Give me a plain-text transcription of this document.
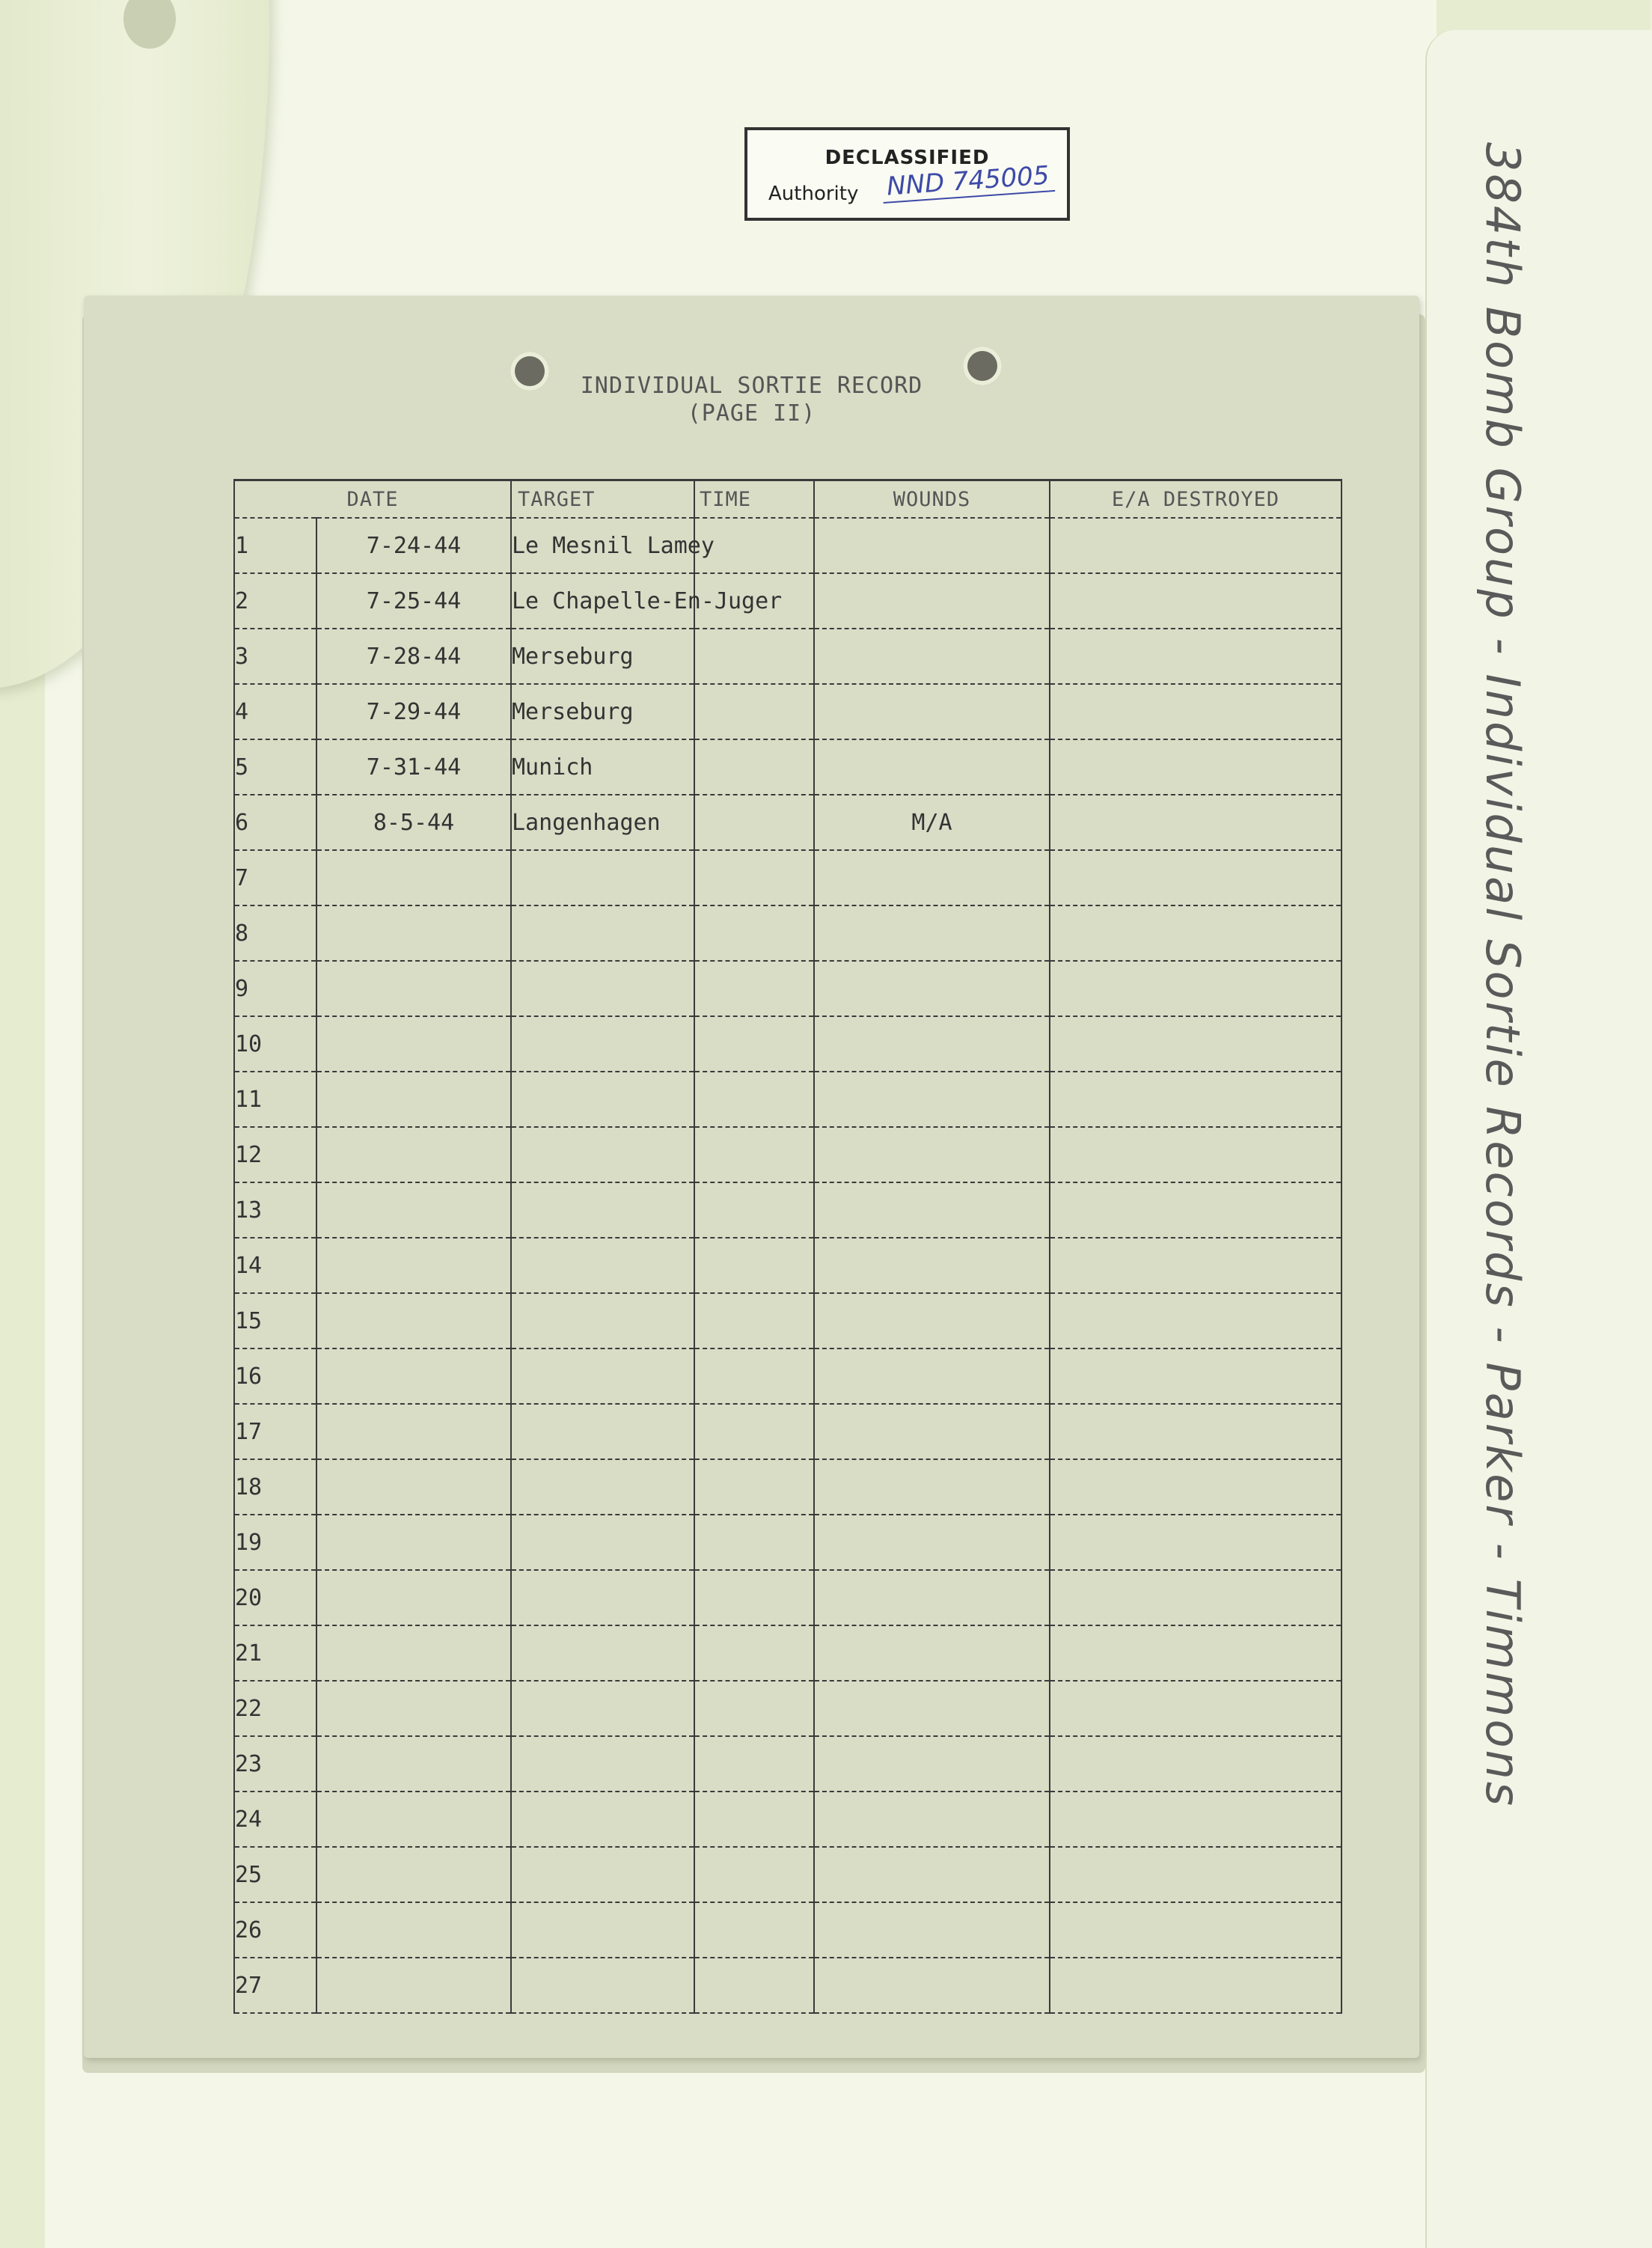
DECLASSIFIED
Authority NND 745005	384th Bomb Group - Individual Sortie Records - Parker - Timmons
INDIVIDUAL SORTIE RECORD
(PAGE II)
DATE		TARGET	TIME	WOUNDS	E/A DESTROYED
1	7-24-44	Le Mesnil Lamey			
2	7-25-44	Le Chapelle-En-Juger			
3	7-28-44	Merseburg			
4	7-29-44	Merseburg			
5	7-31-44	Munich			
6	8-5-44	Langenhagen		M/A	
7					
8					
9					
10					
11					
12					
13					
14					
15					
16					
17					
18					
19					
20					
21					
22					
23					
24					
25					
26					
27					
